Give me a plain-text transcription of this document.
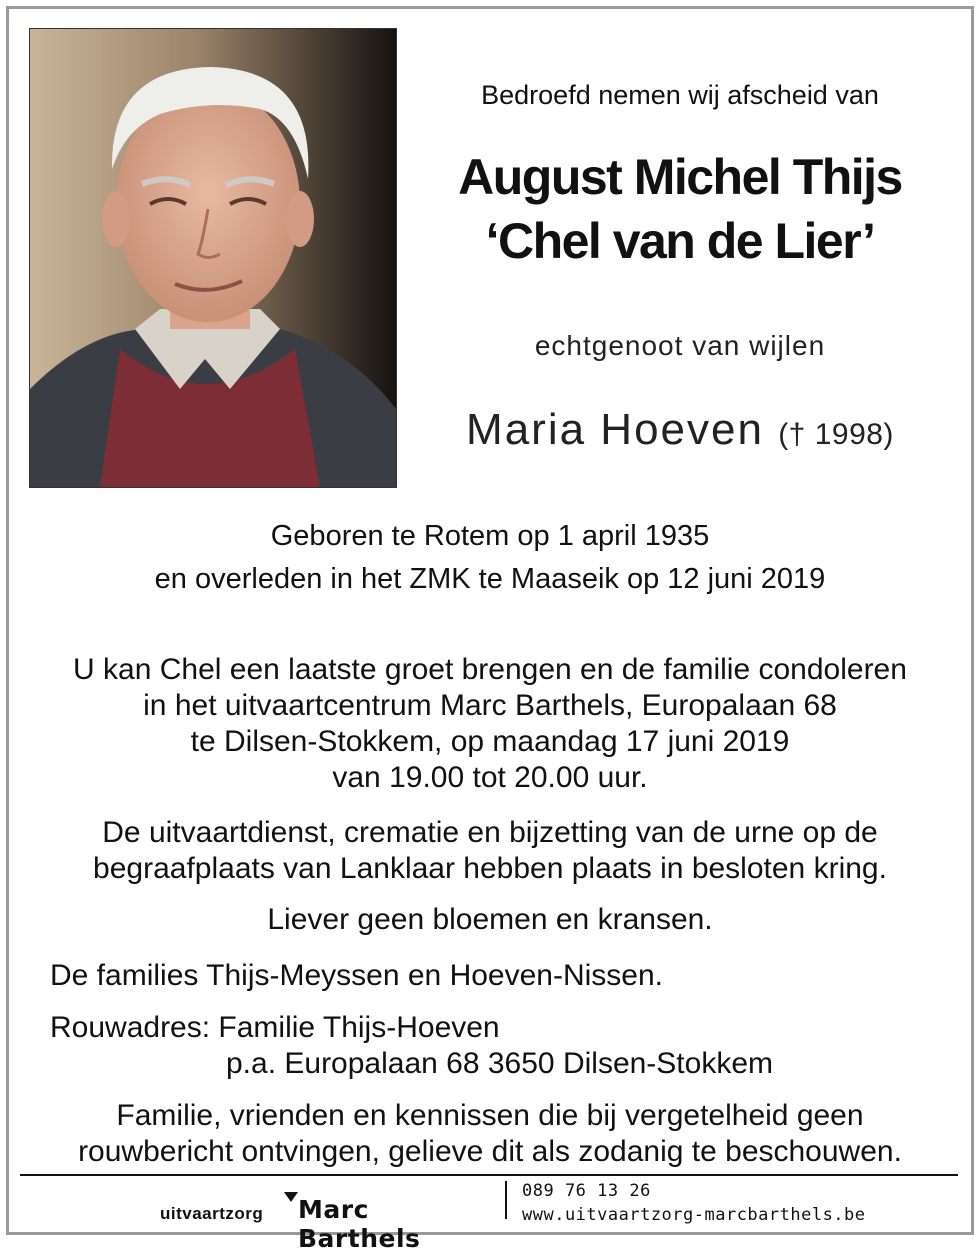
Bedroefd nemen wij afscheid van
August Michel Thijs
‘Chel van de Lier’
echtgenoot van wijlen
Maria Hoeven († 1998)
Geboren te Rotem op 1 april 1935
en overleden in het ZMK te Maaseik op 12 juni 2019
U kan Chel een laatste groet brengen en de familie condoleren
in het uitvaartcentrum Marc Barthels, Europalaan 68
te Dilsen-Stokkem, op maandag 17 juni 2019
van 19.00 tot 20.00 uur.
De uitvaartdienst, crematie en bijzetting van de urne op de
begraafplaats van Lanklaar hebben plaats in besloten kring.
Liever geen bloemen en kransen.
De families Thijs-Meyssen en Hoeven-Nissen.
Rouwadres: Familie Thijs-Hoeven
p.a. Europalaan 68 3650 Dilsen-Stokkem
Familie, vrienden en kennissen die bij vergetelheid geen
rouwbericht ontvingen, gelieve dit als zodanig te beschouwen.
uitvaartzorg Marc Barthels
089 76 13 26
www.uitvaartzorg-marcbarthels.be
